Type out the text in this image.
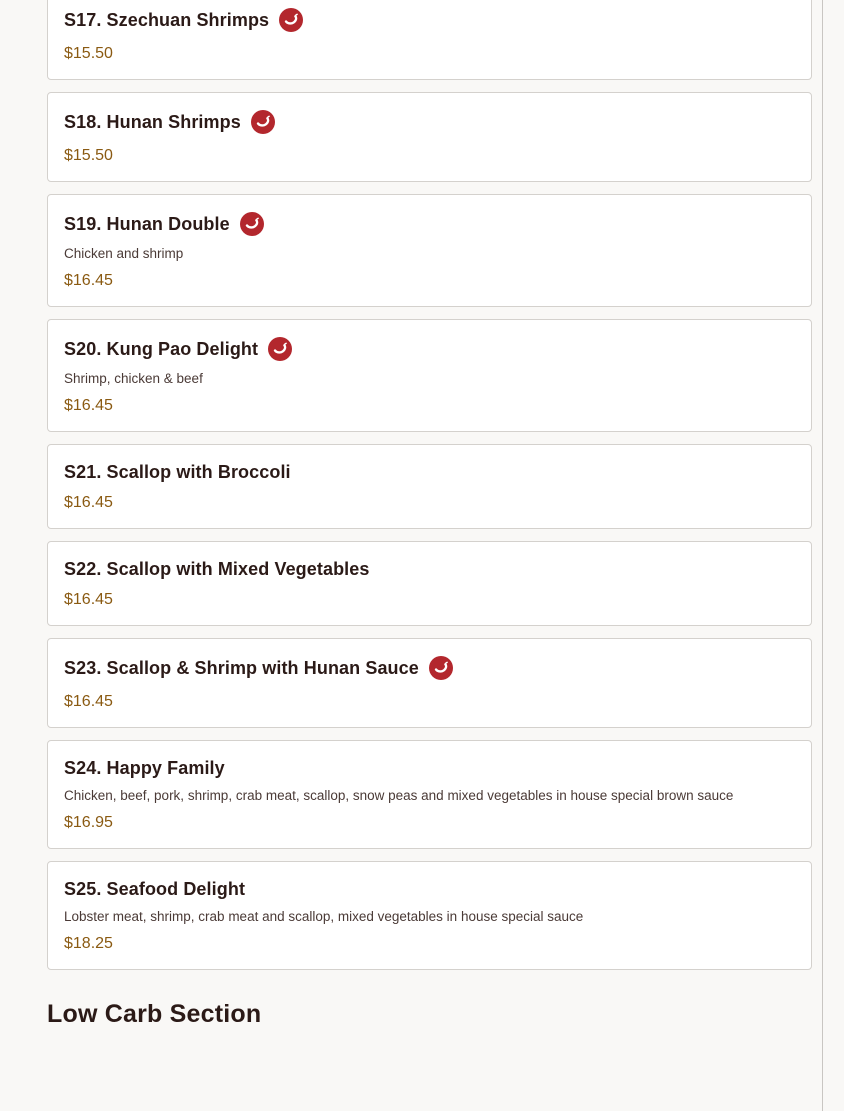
S17. Szechuan Shrimps
$15.50
S18. Hunan Shrimps
$15.50
S19. Hunan Double
Chicken and shrimp
$16.45
S20. Kung Pao Delight
Shrimp, chicken & beef
$16.45
S21. Scallop with Broccoli
$16.45
S22. Scallop with Mixed Vegetables
$16.45
S23. Scallop & Shrimp with Hunan Sauce
$16.45
S24. Happy Family
Chicken, beef, pork, shrimp, crab meat, scallop, snow peas and mixed vegetables in house special brown sauce
$16.95
S25. Seafood Delight
Lobster meat, shrimp, crab meat and scallop, mixed vegetables in house special sauce
$18.25
Low Carb Section
